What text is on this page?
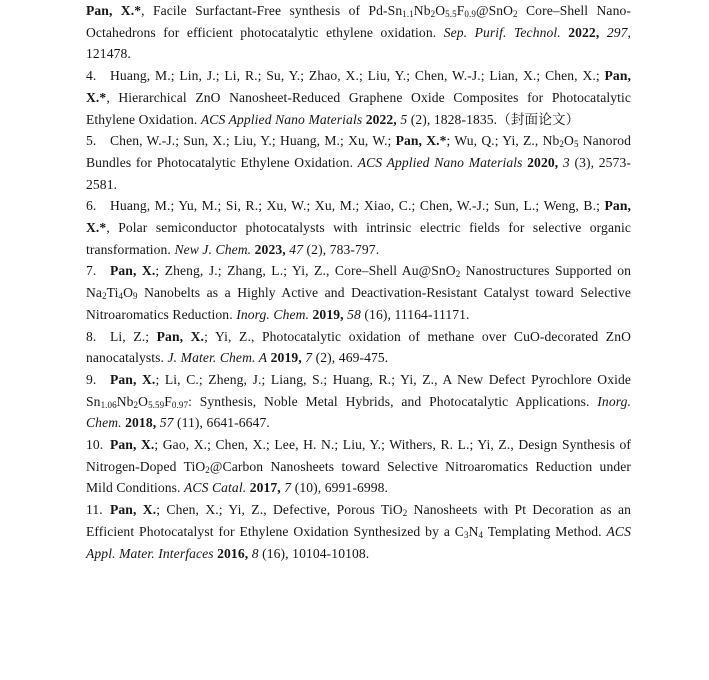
Pan, X.*, Facile Surfactant-Free synthesis of $Pd-Sn_{1.1}Nb_2O_{5.5}F_{0.9}@SnO_2$ Core–Shell Nano-Octahedrons for efficient photocatalytic ethylene oxidation. Sep. Purif. Technol. 2022, 297, 121478.

4. Huang, M.; Lin, J.; Li, R.; Su, Y.; Zhao, X.; Liu, Y.; Chen, W.-J.; Lian, X.; Chen, X.; Pan, X.*, Hierarchical ZnO Nanosheet-Reduced Graphene Oxide Composites for Photocatalytic Ethylene Oxidation. ACS Applied Nano Materials 2022, 5 (2), 1828-1835.（封面论文）

5. Chen, W.-J.; Sun, X.; Liu, Y.; Huang, M.; Xu, W.; Pan, X.*; Wu, Q.; Yi, Z., $Nb_2O_5$ Nanorod Bundles for Photocatalytic Ethylene Oxidation. ACS Applied Nano Materials 2020, 3 (3), 2573-2581.

6. Huang, M.; Yu, M.; Si, R.; Xu, W.; Xu, M.; Xiao, C.; Chen, W.-J.; Sun, L.; Weng, B.; Pan, X.*, Polar semiconductor photocatalysts with intrinsic electric fields for selective organic transformation. New J. Chem. 2023, 47 (2), 783-797.

7. Pan, X.; Zheng, J.; Zhang, L.; Yi, Z., Core–Shell Au@SnO$_2$ Nanostructures Supported on $Na_2Ti_4O_9$ Nanobelts as a Highly Active and Deactivation-Resistant Catalyst toward Selective Nitroaromatics Reduction. Inorg. Chem. 2019, 58 (16), 11164-11171.

8. Li, Z.; Pan, X.; Yi, Z., Photocatalytic oxidation of methane over CuO-decorated ZnO nanocatalysts. J. Mater. Chem. A 2019, 7 (2), 469-475.

9. Pan, X.; Li, C.; Zheng, J.; Liang, S.; Huang, R.; Yi, Z., A New Defect Pyrochlore Oxide $Sn_{1.06}Nb_2O_{5.59}F_{0.97}$: Synthesis, Noble Metal Hybrids, and Photocatalytic Applications. Inorg. Chem. 2018, 57 (11), 6641-6647.

10. Pan, X.; Gao, X.; Chen, X.; Lee, H. N.; Liu, Y.; Withers, R. L.; Yi, Z., Design Synthesis of Nitrogen-Doped TiO$_2$@Carbon Nanosheets toward Selective Nitroaromatics Reduction under Mild Conditions. ACS Catal. 2017, 7 (10), 6991-6998.

11. Pan, X.; Chen, X.; Yi, Z., Defective, Porous TiO$_2$ Nanosheets with Pt Decoration as an Efficient Photocatalyst for Ethylene Oxidation Synthesized by a $C_3N_4$ Templating Method. ACS Appl. Mater. Interfaces 2016, 8 (16), 10104-10108.
